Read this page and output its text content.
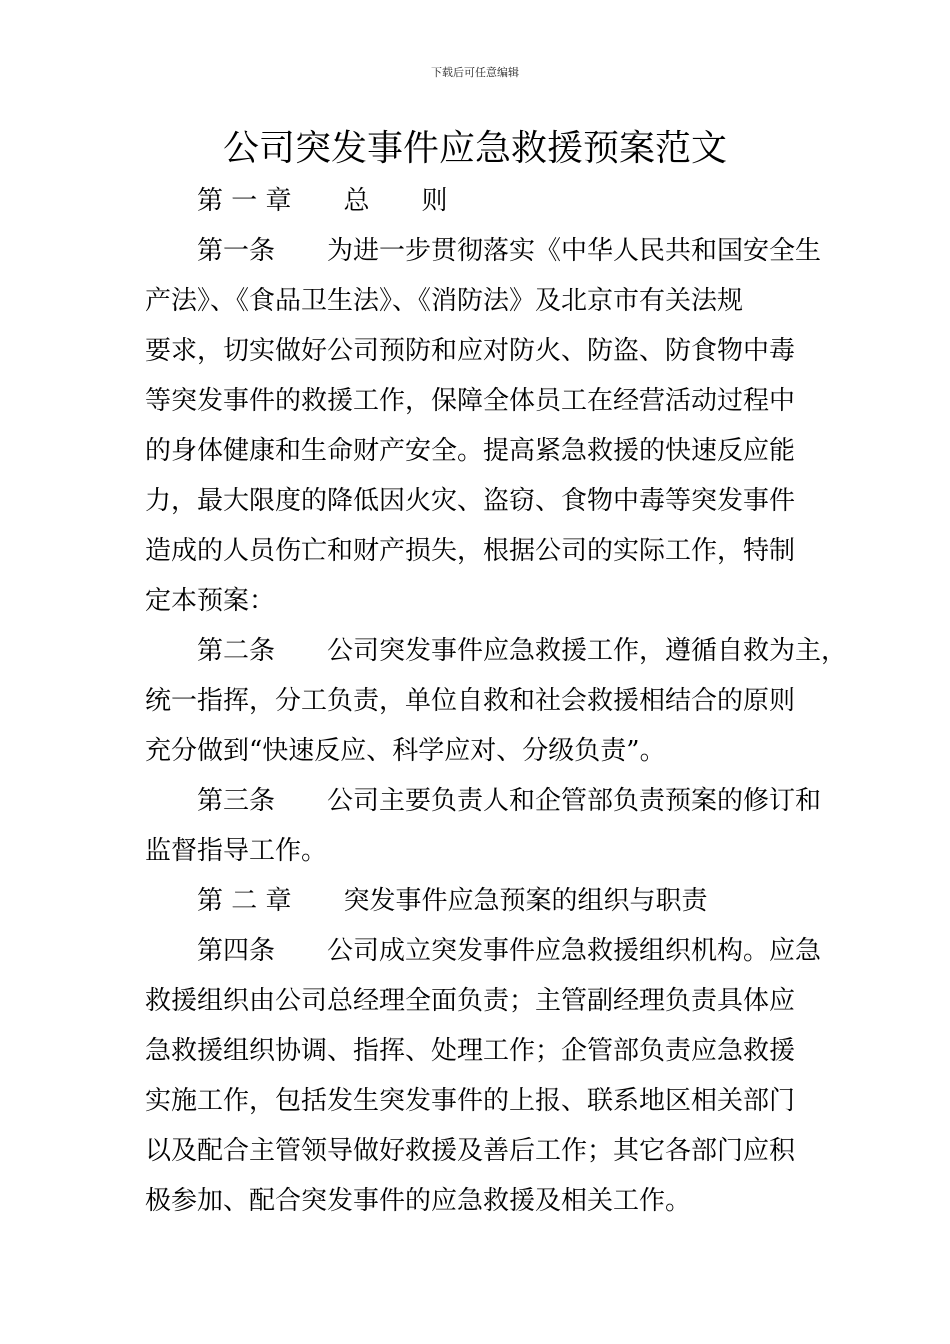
下载后可任意编辑
公司突发事件应急救援预案范文
第 一 章　　总　　则
第一条　　为进一步贯彻落实《中华人民共和国安全生
产法》、《食品卫生法》、《消防法》及北京市有关法规
要求，切实做好公司预防和应对防火、防盗、防食物中毒
等突发事件的救援工作，保障全体员工在经营活动过程中
的身体健康和生命财产安全。提高紧急救援的快速反应能
力，最大限度的降低因火灾、盗窃、食物中毒等突发事件
造成的人员伤亡和财产损失，根据公司的实际工作，特制
定本预案：
第二条　　公司突发事件应急救援工作，遵循自救为主，
统一指挥，分工负责，单位自救和社会救援相结合的原则
充分做到“快速反应、科学应对、分级负责”。
第三条　　公司主要负责人和企管部负责预案的修订和
监督指导工作。
第 二 章　　突发事件应急预案的组织与职责
第四条　　公司成立突发事件应急救援组织机构。应急
救援组织由公司总经理全面负责；主管副经理负责具体应
急救援组织协调、指挥、处理工作；企管部负责应急救援
实施工作，包括发生突发事件的上报、联系地区相关部门
以及配合主管领导做好救援及善后工作；其它各部门应积
极参加、配合突发事件的应急救援及相关工作。
